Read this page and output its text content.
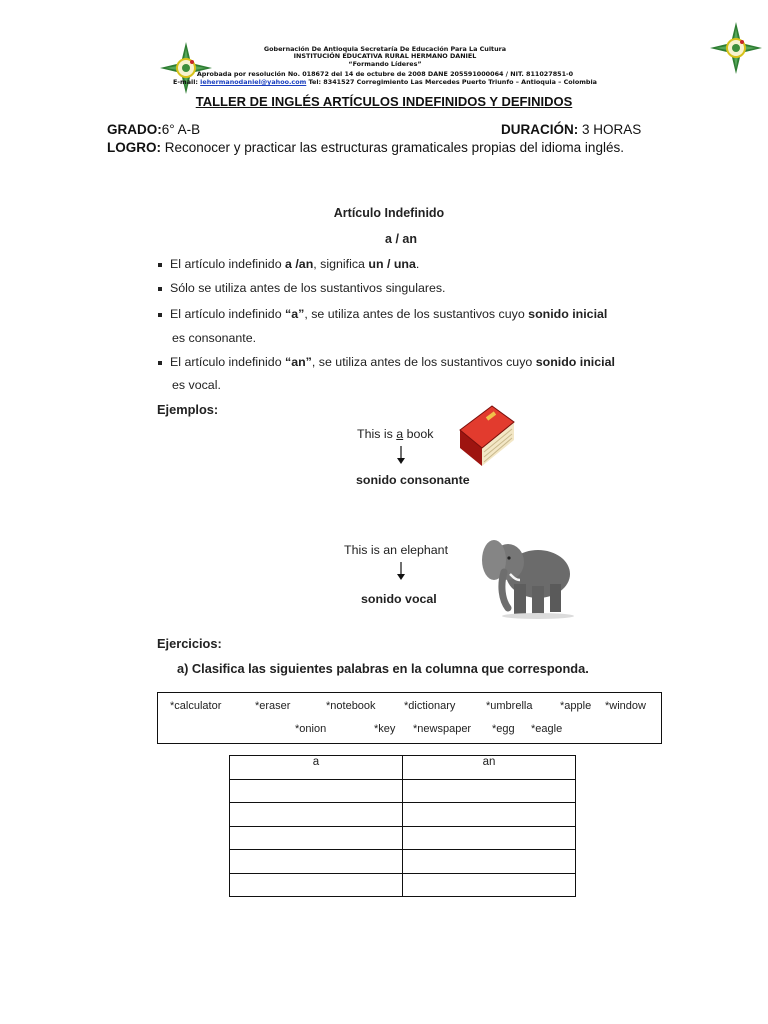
Gobernación De Antioquia Secretaría De Educación Para La Cultura
INSTITUCIÓN EDUCATIVA RURAL HERMANO DANIEL
“Formando Líderes”
Aprobada por resolución No. 018672 del 14 de octubre de 2008 DANE 205591000064 / NIT. 811027851-0
E-mail: iehermanodaniel@yahoo.com Tel: 8341527 Corregimiento Las Mercedes Puerto Triunfo – Antioquia – Colombia
TALLER DE INGLÉS ARTÍCULOS INDEFINIDOS Y DEFINIDOS
GRADO:6° A-B	DURACIÓN: 3 HORAS
LOGRO: Reconocer y practicar las estructuras gramaticales propias del idioma inglés.
Artículo Indefinido
a / an
El artículo indefinido a /an, significa un / una.
Sólo se utiliza antes de los sustantivos singulares.
El artículo indefinido “a”, se utiliza antes de los sustantivos cuyo sonido inicial
es consonante.
El artículo indefinido “an”, se utiliza antes de los sustantivos cuyo sonido inicial
es vocal.
Ejemplos:
This is a book
sonido consonante
This is an elephant
sonido vocal
Ejercicios:
a) Clasifica las siguientes palabras en la columna que corresponda.
*calculator	*eraser	*notebook	*dictionary	*umbrella	*apple *window
*onion	*key *newspaper *egg *eagle
a	an
